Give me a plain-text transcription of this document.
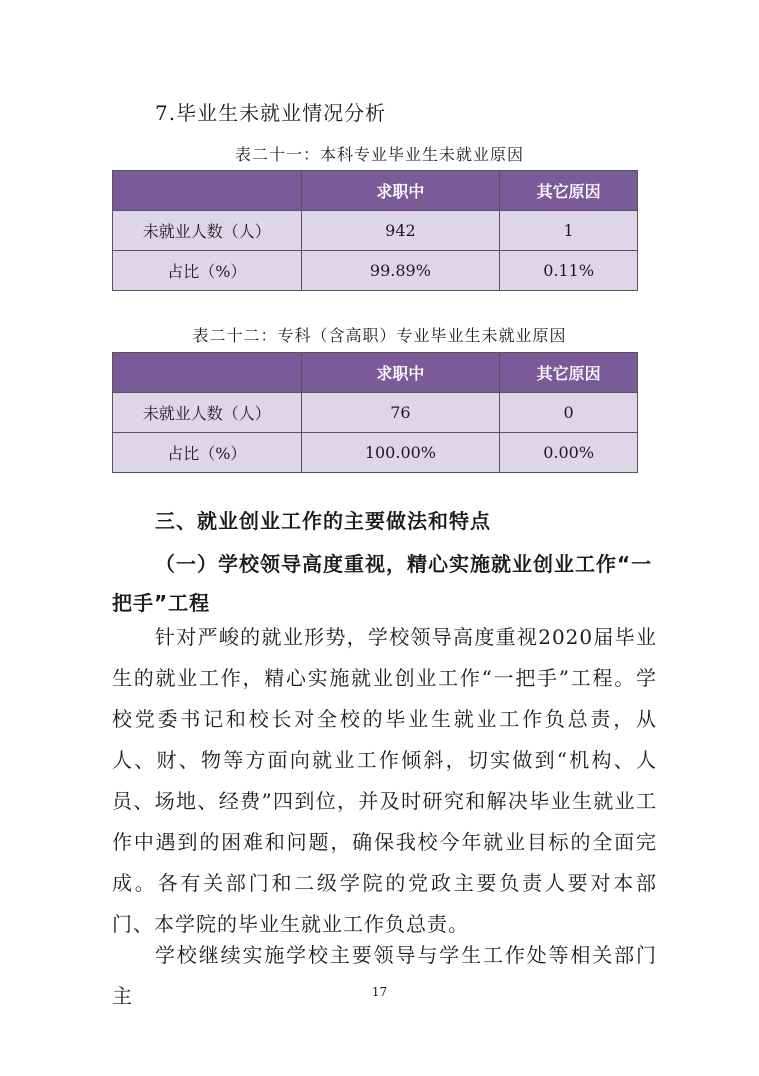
7.毕业生未就业情况分析
表二十一：本科专业毕业生未就业原因
	求职中	其它原因
未就业人数（人）	942	1
占比（%）	99.89%	0.11%
表二十二：专科（含高职）专业毕业生未就业原因
	求职中	其它原因
未就业人数（人）	76	0
占比（%）	100.00%	0.00%
三、就业创业工作的主要做法和特点
（一）学校领导高度重视，精心实施就业创业工作“一把手”工程
针对严峻的就业形势，学校领导高度重视2020届毕业生的就业工作，精心实施就业创业工作“一把手”工程。学校党委书记和校长对全校的毕业生就业工作负总责，从人、财、物等方面向就业工作倾斜，切实做到“机构、人员、场地、经费”四到位，并及时研究和解决毕业生就业工作中遇到的困难和问题，确保我校今年就业目标的全面完成。各有关部门和二级学院的党政主要负责人要对本部门、本学院的毕业生就业工作负总责。
学校继续实施学校主要领导与学生工作处等相关部门主	17
